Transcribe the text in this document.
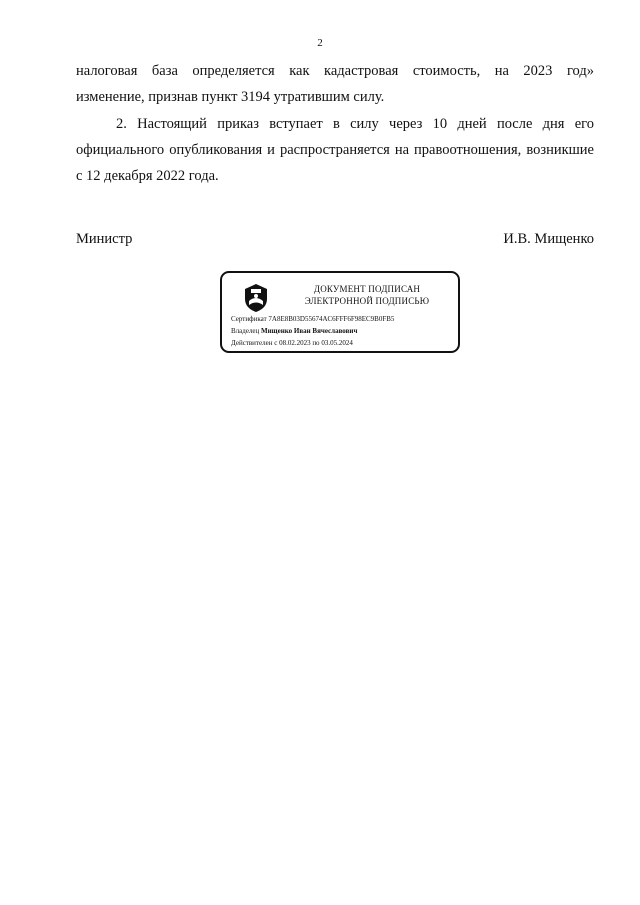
2

налоговая база определяется как кадастровая стоимость, на 2023 год»
изменение, признав пункт 3194 утратившим силу.

2. Настоящий приказ вступает в силу через 10 дней после дня его официального опубликования и распространяется на правоотношения, возникшие с 12 декабря 2022 года.

Министр	И.В. Мищенко
ДОКУМЕНТ ПОДПИСАН
ЭЛЕКТРОННОЙ ПОДПИСЬЮ
Сертификат 7A8E8B03D55674AC6FFF6F98EC9B0FB5
Владелец Мищенко Иван Вячеславович
Действителен с 08.02.2023 по 03.05.2024
